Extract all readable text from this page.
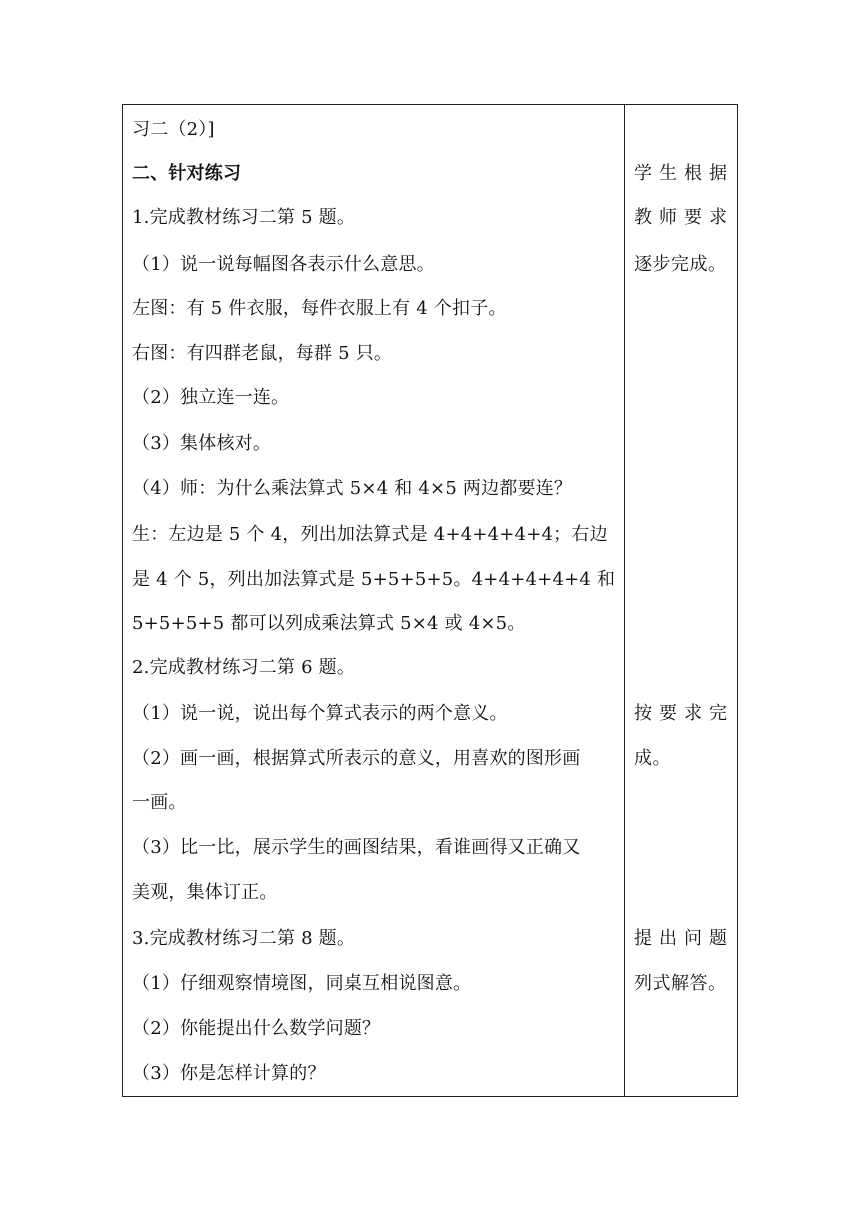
习二（2）]
二、针对练习
1.完成教材练习二第 5 题。
（1）说一说每幅图各表示什么意思。
左图：有 5 件衣服，每件衣服上有 4 个扣子。
右图：有四群老鼠，每群 5 只。
（2）独立连一连。
（3）集体核对。
（4）师：为什么乘法算式 5×4 和 4×5 两边都要连？
生：左边是 5 个 4，列出加法算式是 4+4+4+4+4；右边
是 4 个 5，列出加法算式是 5+5+5+5。4+4+4+4+4 和
5+5+5+5 都可以列成乘法算式 5×4 或 4×5。
2.完成教材练习二第 6 题。
（1）说一说，说出每个算式表示的两个意义。
（2）画一画，根据算式所表示的意义，用喜欢的图形画
一画。
（3）比一比，展示学生的画图结果，看谁画得又正确又
美观，集体订正。
3.完成教材练习二第 8 题。
（1）仔细观察情境图，同桌互相说图意。
（2）你能提出什么数学问题？
（3）你是怎样计算的？
学生根据
教师要求
逐步完成。
按要求完
成。
提出问题
列式解答。
